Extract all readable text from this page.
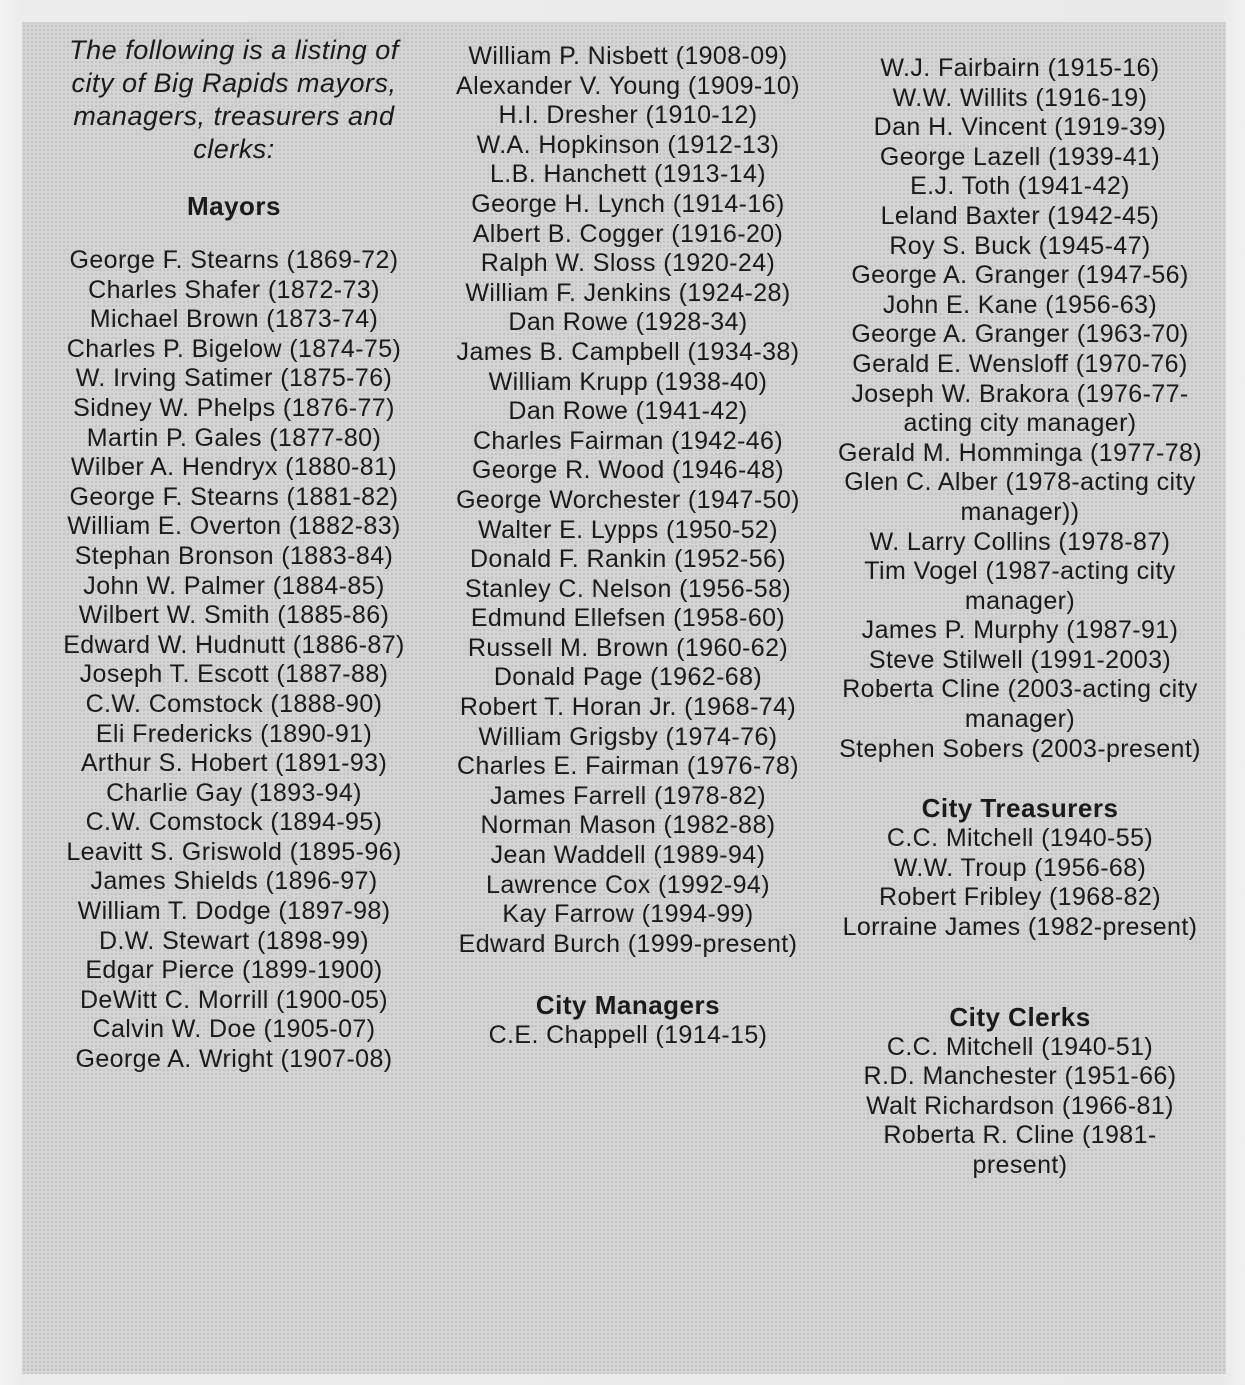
The following is a listing of city of Big Rapids mayors, managers, treasurers and clerks:
Mayors
George F. Stearns (1869-72)
Charles Shafer (1872-73)
Michael Brown (1873-74)
Charles P. Bigelow (1874-75)
W. Irving Satimer (1875-76)
Sidney W. Phelps (1876-77)
Martin P. Gales (1877-80)
Wilber A. Hendryx (1880-81)
George F. Stearns (1881-82)
William E. Overton (1882-83)
Stephan Bronson (1883-84)
John W. Palmer (1884-85)
Wilbert W. Smith (1885-86)
Edward W. Hudnutt (1886-87)
Joseph T. Escott (1887-88)
C.W. Comstock (1888-90)
Eli Fredericks (1890-91)
Arthur S. Hobert (1891-93)
Charlie Gay (1893-94)
C.W. Comstock (1894-95)
Leavitt S. Griswold (1895-96)
James Shields (1896-97)
William T. Dodge (1897-98)
D.W. Stewart (1898-99)
Edgar Pierce (1899-1900)
DeWitt C. Morrill (1900-05)
Calvin W. Doe (1905-07)
George A. Wright (1907-08)
William P. Nisbett (1908-09)
Alexander V. Young (1909-10)
H.I. Dresher (1910-12)
W.A. Hopkinson (1912-13)
L.B. Hanchett (1913-14)
George H. Lynch (1914-16)
Albert B. Cogger (1916-20)
Ralph W. Sloss (1920-24)
William F. Jenkins (1924-28)
Dan Rowe (1928-34)
James B. Campbell (1934-38)
William Krupp (1938-40)
Dan Rowe (1941-42)
Charles Fairman (1942-46)
George R. Wood (1946-48)
George Worchester (1947-50)
Walter E. Lypps (1950-52)
Donald F. Rankin (1952-56)
Stanley C. Nelson (1956-58)
Edmund Ellefsen (1958-60)
Russell M. Brown (1960-62)
Donald Page (1962-68)
Robert T. Horan Jr. (1968-74)
William Grigsby (1974-76)
Charles E. Fairman (1976-78)
James Farrell (1978-82)
Norman Mason (1982-88)
Jean Waddell (1989-94)
Lawrence Cox (1992-94)
Kay Farrow (1994-99)
Edward Burch (1999-present)
City Managers
C.E. Chappell (1914-15)
W.J. Fairbairn (1915-16)
W.W. Willits (1916-19)
Dan H. Vincent (1919-39)
George Lazell (1939-41)
E.J. Toth (1941-42)
Leland Baxter (1942-45)
Roy S. Buck (1945-47)
George A. Granger (1947-56)
John E. Kane (1956-63)
George A. Granger (1963-70)
Gerald E. Wensloff (1970-76)
Joseph W. Brakora (1976-77-acting city manager)
Gerald M. Homminga (1977-78)
Glen C. Alber (1978-acting city manager))
W. Larry Collins (1978-87)
Tim Vogel (1987-acting city manager)
James P. Murphy (1987-91)
Steve Stilwell (1991-2003)
Roberta Cline (2003-acting city manager)
Stephen Sobers (2003-present)
City Treasurers
C.C. Mitchell (1940-55)
W.W. Troup (1956-68)
Robert Fribley (1968-82)
Lorraine James (1982-present)
City Clerks
C.C. Mitchell (1940-51)
R.D. Manchester (1951-66)
Walt Richardson (1966-81)
Roberta R. Cline (1981-present)
